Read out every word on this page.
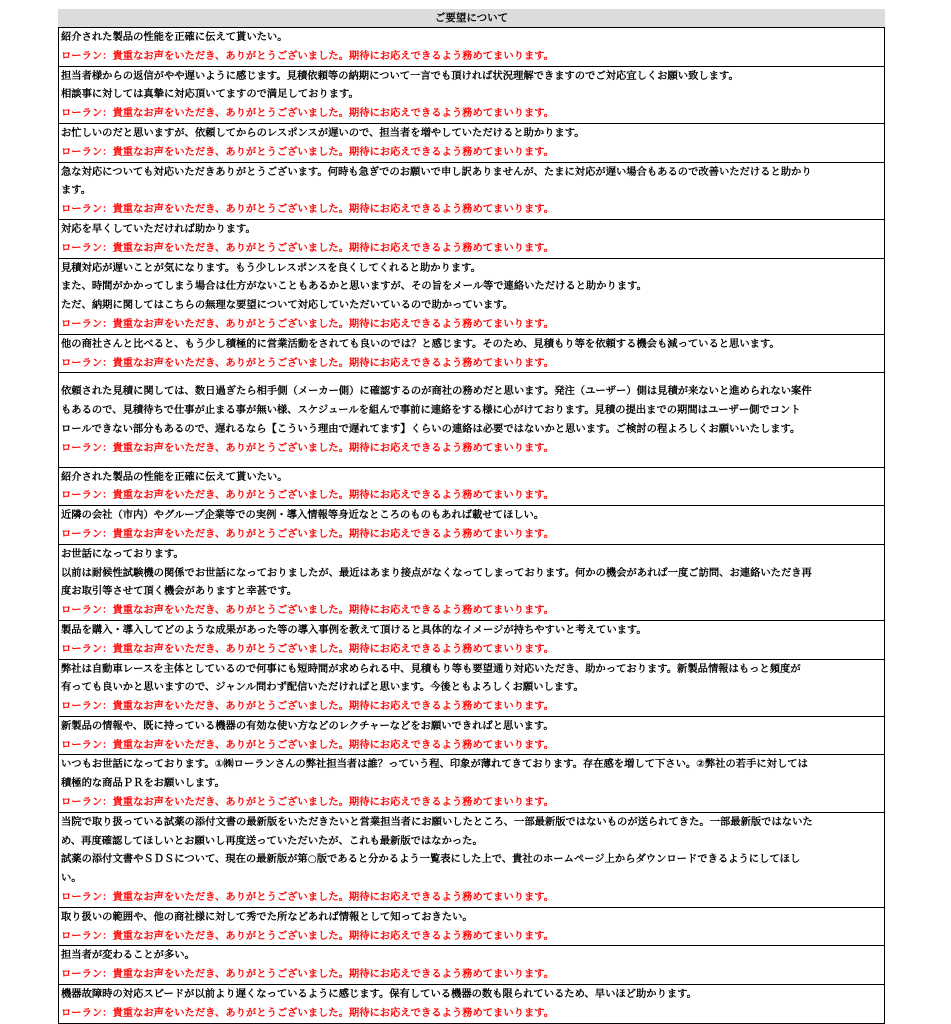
ご要望について
紹介された製品の性能を正確に伝えて貰いたい。
ローラン：貴重なお声をいただき、ありがとうございました。期待にお応えできるよう務めてまいります。
担当者様からの返信がやや遅いように感じます。見積依頼等の納期について一言でも頂ければ状況理解できますのでご対応宜しくお願い致します。
相談事に対しては真摯に対応頂いてますので満足しております。
ローラン：貴重なお声をいただき、ありがとうございました。期待にお応えできるよう務めてまいります。
お忙しいのだと思いますが、依頼してからのレスポンスが遅いので、担当者を増やしていただけると助かります。
ローラン：貴重なお声をいただき、ありがとうございました。期待にお応えできるよう務めてまいります。
急な対応についても対応いただきありがとうございます。何時も急ぎでのお願いで申し訳ありませんが、たまに対応が遅い場合もあるので改善いただけると助かり
ます。
ローラン：貴重なお声をいただき、ありがとうございました。期待にお応えできるよう務めてまいります。
対応を早くしていただければ助かります。
ローラン：貴重なお声をいただき、ありがとうございました。期待にお応えできるよう務めてまいります。
見積対応が遅いことが気になります。もう少しレスポンスを良くしてくれると助かります。
また、時間がかかってしまう場合は仕方がないこともあるかと思いますが、その旨をメール等で連絡いただけると助かります。
ただ、納期に関してはこちらの無理な要望について対応していただいているので助かっています。
ローラン：貴重なお声をいただき、ありがとうございました。期待にお応えできるよう務めてまいります。
他の商社さんと比べると、もう少し積極的に営業活動をされても良いのでは？と感じます。そのため、見積もり等を依頼する機会も減っていると思います。
ローラン：貴重なお声をいただき、ありがとうございました。期待にお応えできるよう務めてまいります。
依頼された見積に関しては、数日過ぎたら相手側（メーカー側）に確認するのが商社の務めだと思います。発注（ユーザー）側は見積が来ないと進められない案件
もあるので、見積待ちで仕事が止まる事が無い様、スケジュールを組んで事前に連絡をする様に心がけております。見積の提出までの期間はユーザー側でコント
ロールできない部分もあるので、遅れるなら【こういう理由で遅れてます】くらいの連絡は必要ではないかと思います。ご検討の程よろしくお願いいたします。
ローラン：貴重なお声をいただき、ありがとうございました。期待にお応えできるよう務めてまいります。
紹介された製品の性能を正確に伝えて貰いたい。
ローラン：貴重なお声をいただき、ありがとうございました。期待にお応えできるよう務めてまいります。
近隣の会社（市内）やグループ企業等での実例・導入情報等身近なところのものもあれば載せてほしい。
ローラン：貴重なお声をいただき、ありがとうございました。期待にお応えできるよう務めてまいります。
お世話になっております。
以前は耐候性試験機の関係でお世話になっておりましたが、最近はあまり接点がなくなってしまっております。何かの機会があれば一度ご訪問、お連絡いただき再
度お取引等させて頂く機会がありますと幸甚です。
ローラン：貴重なお声をいただき、ありがとうございました。期待にお応えできるよう務めてまいります。
製品を購入・導入してどのような成果があった等の導入事例を教えて頂けると具体的なイメージが持ちやすいと考えています。
ローラン：貴重なお声をいただき、ありがとうございました。期待にお応えできるよう務めてまいります。
弊社は自動車レースを主体としているので何事にも短時間が求められる中、見積もり等も要望通り対応いただき、助かっております。新製品情報はもっと頻度が
有っても良いかと思いますので、ジャンル問わず配信いただければと思います。今後ともよろしくお願いします。
ローラン：貴重なお声をいただき、ありがとうございました。期待にお応えできるよう務めてまいります。
新製品の情報や、既に持っている機器の有効な使い方などのレクチャーなどをお願いできればと思います。
ローラン：貴重なお声をいただき、ありがとうございました。期待にお応えできるよう務めてまいります。
いつもお世話になっております。①㈱ローランさんの弊社担当者は誰？っていう程、印象が薄れてきております。存在感を増して下さい。②弊社の若手に対しては
積極的な商品ＰＲをお願いします。
ローラン：貴重なお声をいただき、ありがとうございました。期待にお応えできるよう務めてまいります。
当院で取り扱っている試薬の添付文書の最新版をいただきたいと営業担当者にお願いしたところ、一部最新版ではないものが送られてきた。一部最新版ではないた
め、再度確認してほしいとお願いし再度送っていただいたが、これも最新版ではなかった。
試薬の添付文書やＳＤＳについて、現在の最新版が第○版であると分かるよう一覧表にした上で、貴社のホームページ上からダウンロードできるようにしてほし
い。
ローラン：貴重なお声をいただき、ありがとうございました。期待にお応えできるよう務めてまいります。
取り扱いの範囲や、他の商社様に対して秀でた所などあれば情報として知っておきたい。
ローラン：貴重なお声をいただき、ありがとうございました。期待にお応えできるよう務めてまいります。
担当者が変わることが多い。
ローラン：貴重なお声をいただき、ありがとうございました。期待にお応えできるよう務めてまいります。
機器故障時の対応スピードが以前より遅くなっているように感じます。保有している機器の数も限られているため、早いほど助かります。
ローラン：貴重なお声をいただき、ありがとうございました。期待にお応えできるよう務めてまいります。
